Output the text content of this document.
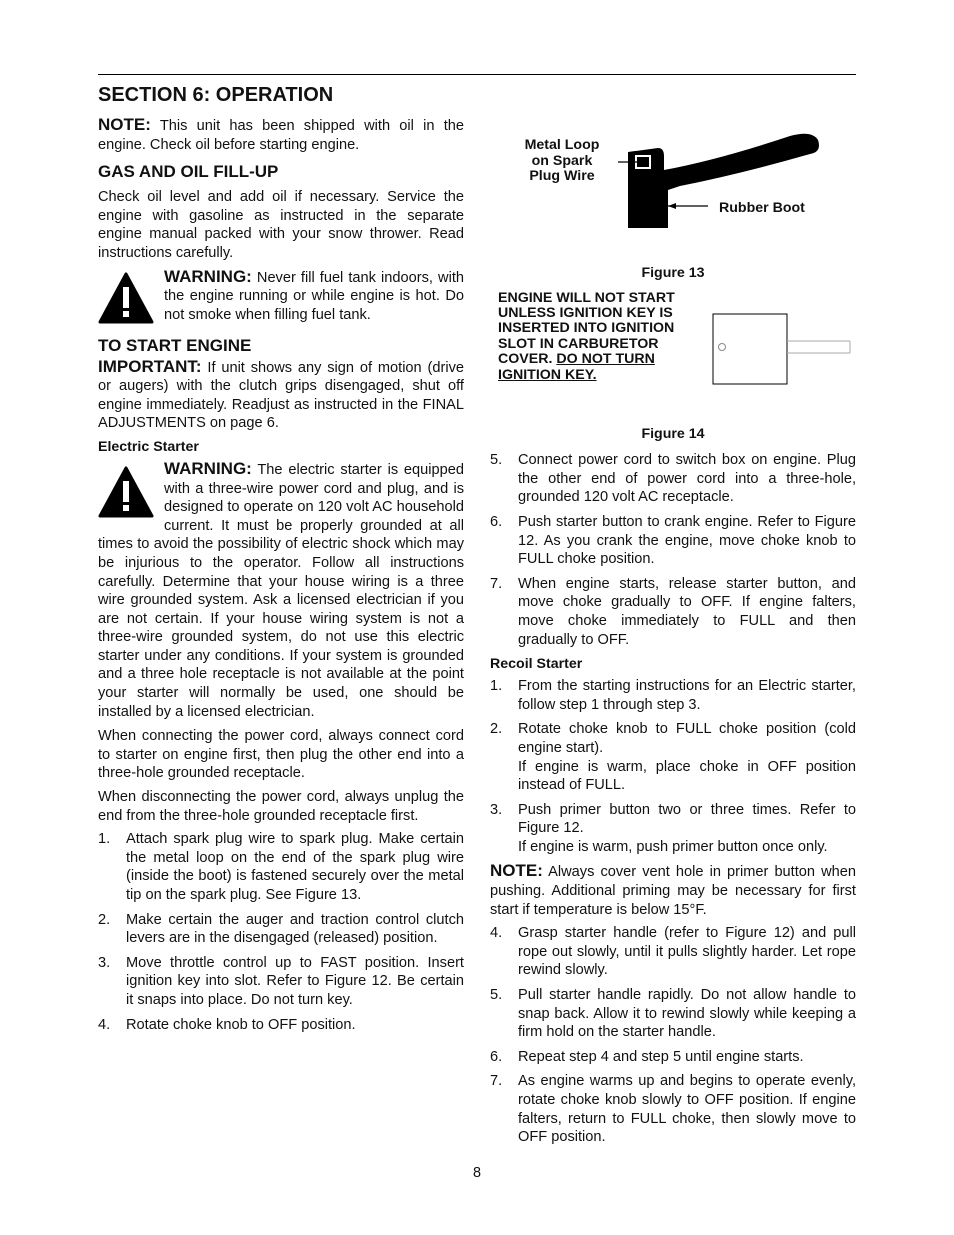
SECTION 6: OPERATION

NOTE: This unit has been shipped with oil in the engine. Check oil before starting engine.

GAS AND OIL FILL-UP

Check oil level and add oil if necessary. Service the engine with gasoline as instructed in the separate engine manual packed with your snow thrower. Read instructions carefully.

WARNING: Never fill fuel tank indoors, with the engine running or while engine is hot. Do not smoke when filling fuel tank.

TO START ENGINE

IMPORTANT: If unit shows any sign of motion (drive or augers) with the clutch grips disengaged, shut off engine immediately. Readjust as instructed in the FINAL ADJUSTMENTS on page 6.

Electric Starter

WARNING: The electric starter is equipped with a three-wire power cord and plug, and is designed to operate on 120 volt AC household current. It must be properly grounded at all times to avoid the possibility of electric shock which may be injurious to the operator. Follow all instructions carefully. Determine that your house wiring is a three wire grounded system. Ask a licensed electrician if you are not certain. If your house wiring system is not a three-wire grounded system, do not use this electric starter under any conditions. If your system is grounded and a three hole receptacle is not available at the point your starter will normally be used, one should be installed by a licensed electrician.

When connecting the power cord, always connect cord to starter on engine first, then plug the other end into a three-hole grounded receptacle.

When disconnecting the power cord, always unplug the end from the three-hole grounded receptacle first.

1. Attach spark plug wire to spark plug. Make certain the metal loop on the end of the spark plug wire (inside the boot) is fastened securely over the metal tip on the spark plug. See Figure 13.
2. Make certain the auger and traction control clutch levers are in the disengaged (released) position.
3. Move throttle control up to FAST position. Insert ignition key into slot. Refer to Figure 12. Be certain it snaps into place. Do not turn key.
4. Rotate choke knob to OFF position.
Metal Loop
on Spark
Plug Wire
Rubber Boot
Figure 13
ENGINE WILL NOT START UNLESS IGNITION KEY IS INSERTED INTO IGNITION SLOT IN CARBURETOR COVER. DO NOT TURN IGNITION KEY.
Figure 14
5. Connect power cord to switch box on engine. Plug the other end of power cord into a three-hole, grounded 120 volt AC receptacle.
6. Push starter button to crank engine. Refer to Figure 12. As you crank the engine, move choke knob to FULL choke position.
7. When engine starts, release starter button, and move choke gradually to OFF. If engine falters, move choke immediately to FULL and then gradually to OFF.
Recoil Starter
1. From the starting instructions for an Electric starter, follow step 1 through step 3.
2. Rotate choke knob to FULL choke position (cold engine start).
If engine is warm, place choke in OFF position instead of FULL.
3. Push primer button two or three times. Refer to Figure 12.
If engine is warm, push primer button once only.

NOTE: Always cover vent hole in primer button when pushing. Additional priming may be necessary for first start if temperature is below 15°F.

4. Grasp starter handle (refer to Figure 12) and pull rope out slowly, until it pulls slightly harder. Let rope rewind slowly.
5. Pull starter handle rapidly. Do not allow handle to snap back. Allow it to rewind slowly while keeping a firm hold on the starter handle.
6. Repeat step 4 and step 5 until engine starts.
7. As engine warms up and begins to operate evenly, rotate choke knob slowly to OFF position. If engine falters, return to FULL choke, then slowly move to OFF position.
8
